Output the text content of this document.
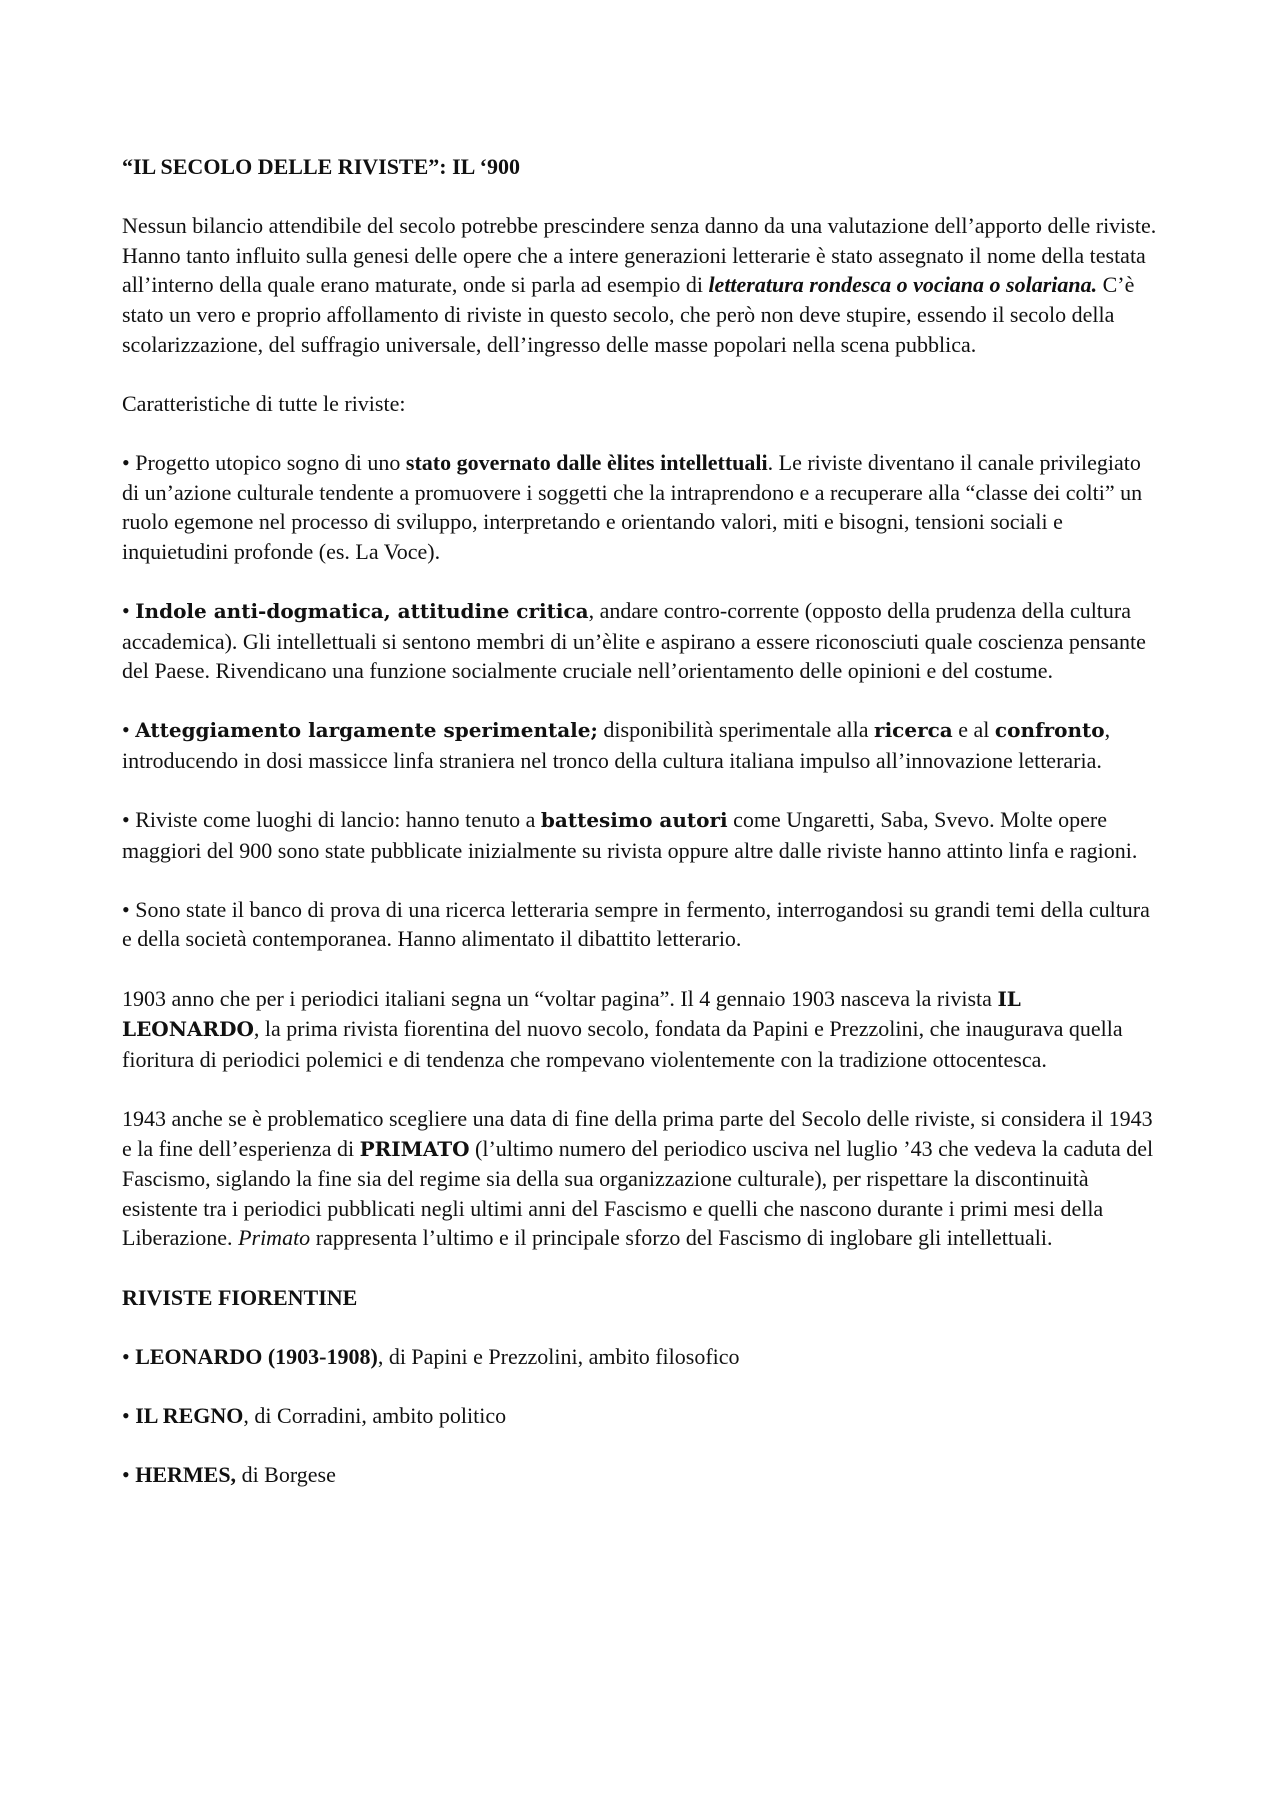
“IL SECOLO DELLE RIVISTE”: IL ‘900

Nessun bilancio attendibile del secolo potrebbe prescindere senza danno da una valutazione dell’apporto delle riviste. Hanno tanto influito sulla genesi delle opere che a intere generazioni letterarie è stato assegnato il nome della testata all’interno della quale erano maturate, onde si parla ad esempio di letteratura rondesca o vociana o solariana. C’è stato un vero e proprio affollamento di riviste in questo secolo, che però non deve stupire, essendo il secolo della scolarizzazione, del suffragio universale, dell’ingresso delle masse popolari nella scena pubblica.

Caratteristiche di tutte le riviste:

• Progetto utopico sogno di uno stato governato dalle èlites intellettuali. Le riviste diventano il canale privilegiato di un’azione culturale tendente a promuovere i soggetti che la intraprendono e a recuperare alla “classe dei colti” un ruolo egemone nel processo di sviluppo, interpretando e orientando valori, miti e bisogni, tensioni sociali e inquietudini profonde (es. La Voce).

• Indole anti-dogmatica, attitudine critica, andare contro-corrente (opposto della prudenza della cultura accademica). Gli intellettuali si sentono membri di un’èlite e aspirano a essere riconosciuti quale coscienza pensante del Paese. Rivendicano una funzione socialmente cruciale nell’orientamento delle opinioni e del costume.

• Atteggiamento largamente sperimentale; disponibilità sperimentale alla ricerca e al confronto, introducendo in dosi massicce linfa straniera nel tronco della cultura italiana impulso all’innovazione letteraria.

• Riviste come luoghi di lancio: hanno tenuto a battesimo autori come Ungaretti, Saba, Svevo. Molte opere maggiori del 900 sono state pubblicate inizialmente su rivista oppure altre dalle riviste hanno attinto linfa e ragioni.

• Sono state il banco di prova di una ricerca letteraria sempre in fermento, interrogandosi su grandi temi della cultura e della società contemporanea. Hanno alimentato il dibattito letterario.

1903 anno che per i periodici italiani segna un “voltar pagina”. Il 4 gennaio 1903 nasceva la rivista IL LEONARDO, la prima rivista fiorentina del nuovo secolo, fondata da Papini e Prezzolini, che inaugurava quella fioritura di periodici polemici e di tendenza che rompevano violentemente con la tradizione ottocentesca.

1943 anche se è problematico scegliere una data di fine della prima parte del Secolo delle riviste, si considera il 1943 e la fine dell’esperienza di PRIMATO (l’ultimo numero del periodico usciva nel luglio ’43 che vedeva la caduta del Fascismo, siglando la fine sia del regime sia della sua organizzazione culturale), per rispettare la discontinuità esistente tra i periodici pubblicati negli ultimi anni del Fascismo e quelli che nascono durante i primi mesi della Liberazione. Primato rappresenta l’ultimo e il principale sforzo del Fascismo di inglobare gli intellettuali.

RIVISTE FIORENTINE

• LEONARDO (1903-1908), di Papini e Prezzolini, ambito filosofico

• IL REGNO, di Corradini, ambito politico

• HERMES, di Borgese
